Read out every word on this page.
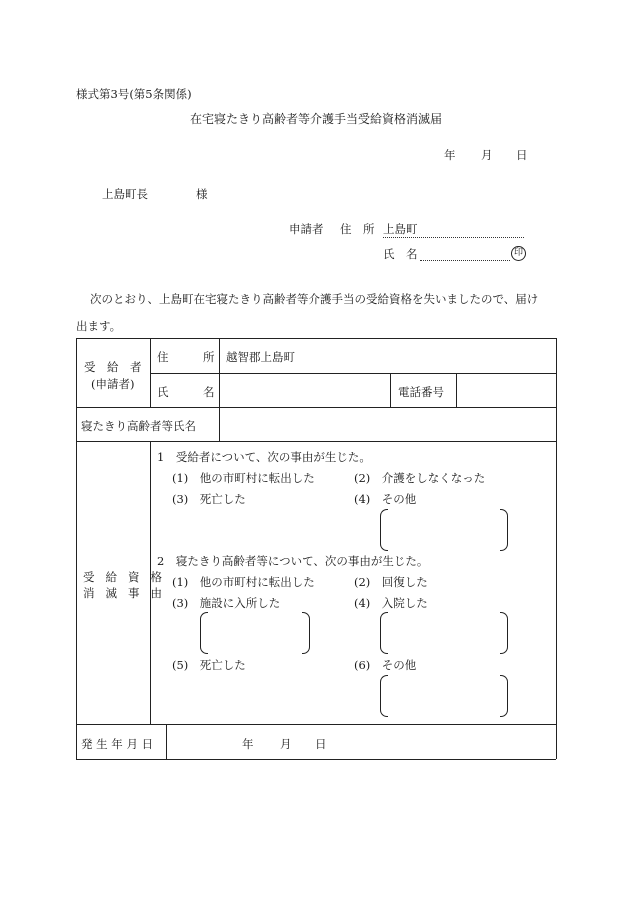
様式第3号(第5条関係)
在宅寝たきり高齢者等介護手当受給資格消滅届
年 月 日
上島町長	様
申請者 住　所 上島町
氏　名	印
次のとおり、上島町在宅寝たきり高齢者等介護手当の受給資格を失いましたので、届け
出ます。
受　給　者
(申請者)
住　　　所 越智郡上島町
氏　　　名	電話番号
寝たきり高齢者等氏名
受給資格
消滅事由
1　受給者について、次の事由が生じた。
(1)　他の市町村に転出した	(2)　介護をしなくなった
(3)　死亡した	(4)　その他
2　寝たきり高齢者等について、次の事由が生じた。
(1)　他の市町村に転出した	(2)　回復した
(3)　施設に入所した	(4)　入院した
(5)　死亡した	(6)　その他
発 生 年 月 日	年 月 日
